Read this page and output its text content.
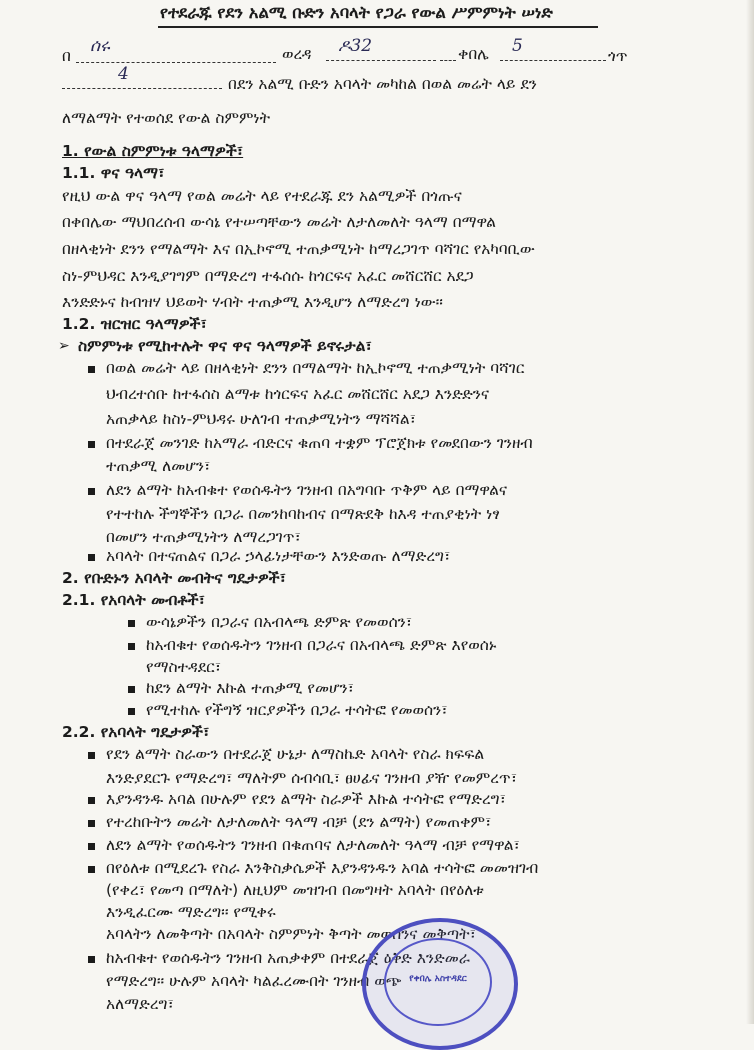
የተደራጁ የደን አልሚ ቡድን አባላት የጋራ የውል ሥምምነት ሠነድ
በ ሰሩ	ወረዳ ዶ32	ቀበሌ 5	ጎጥ
4	በደን አልሚ ቡድን አባላት መካከል በወል መሬት ላይ ደን
ለማልማት የተወሰደ የውል ስምምነት
1. የውል ስምምነቱ ዓላማዎች፣
1.1. ዋና ዓላማ፣
የዚህ ውል ዋና ዓላማ የወል መሬት ላይ የተደራጁ ደን አልሚዎች በጎጡና
በቀበሌው ማህበረሰብ ውሳኔ የተሠጣቸውን መሬት ለታለመለት ዓላማ በማዋል
በዘላቂነት ደንን የማልማት እና በኢኮኖሚ ተጠቃሚነት ከማረጋገጥ ባሻገር የአካባቢው
ስነ-ምህዳር እንዲያገግም በማድረግ ተፋሰሱ ከጎርፍና አፈር መሸርሸር አደጋ
እንድድኑና ከብዝሃ ህይወት ሃብት ተጠቃሚ እንዲሆን ለማድረግ ነው፡፡
1.2. ዝርዝር ዓላማዎች፣
➢ ስምምነቱ የሚከተሉት ዋና ዋና ዓላማዎች ይኖሩታል፣
በወል መሬት ላይ በዘላቂነት ደንን በማልማት ከኢኮኖሚ ተጠቃሚነት ባሻገር
ህብረተሰቡ ከተፋሰስ ልማቱ ከጎርፍና አፈር መሸርሸር አደጋ እንድድንና
አጠቃላይ ከስነ-ምህዳሩ ሁለገብ ተጠቃሚነትን ማሻሻል፣
በተደራጀ መንገድ ከአማራ ብድርና ቁጠባ ተቋም ፕሮጀክቱ የመደበውን ገንዘብ
ተጠቃሚ ለመሆን፣
ለደን ልማት ከአብቁተ የወሰዱትን ገንዘብ በአግባቡ ጥቅም ላይ በማዋልና
የተተከሉ ችግኞችን በጋራ በመንከባከብና በማጽደቅ ከእዳ ተጠያቂነት ነፃ
በመሆን ተጠቃሚነትን ለማረጋገጥ፣
አባላት በተናጠልና በጋራ ኃላፊነታቸውን እንድወጡ ለማድረግ፣
2. የቡድኑን አባላት መብትና ግዴታዎች፣
2.1. የአባላት መብቶች፣
ውሳኔዎችን በጋራና በአብላጫ ድምጽ የመወሰን፣
ከአብቁተ የወሰዱትን ገንዘብ በጋራና በአብላጫ ድምጽ እየወሰኑ
የማስተዳደር፣
ከደን ልማት እኩል ተጠቃሚ የመሆን፣
የሚተከሉ የችግኝ ዝርያዎችን በጋራ ተሳትፎ የመወሰን፣
2.2. የአባላት ግዴታዎች፣
የደን ልማት ስራውን በተደራጀ ሁኔታ ለማስኬድ አባላት የስራ ክፍፍል
እንድያደርጉ የማድረግ፣ ማለትም ሰብሳቢ፣ ፀሀፊና ገንዘብ ያዥ የመምረጥ፣
እያንዳንዱ አባል በሁሉም የደን ልማት ስራዎች እኩል ተሳትፎ የማድረግ፣
የተረከቡትን መሬት ለታለመለት ዓላማ ብቻ (ደን ልማት) የመጠቀም፣
ለደን ልማት የወሰዱትን ገንዘብ በቁጠባና ለታለመለት ዓላማ ብቻ የማዋል፣
በየዕለቱ በሚደረጉ የስራ እንቅስቃሴዎች እያንዳንዱን አባል ተሳትፎ መመዝገብ
(የቀረ፣ የመጣ በማለት) ለዚህም መዝገብ በመግዛት አባላት በየዕለቱ
እንዲፈርሙ ማድረግ፡፡ የሚቀሩ
አባላትን ለመቅጣት በአባላት ስምምነት ቅጣት መወሰንና መቅጣት፣
ከአብቁተ የወሰዱትን ገንዘብ አጠቃቀም በተደራጀ ዕቅድ እንድመራ
የማድረግ፡፡ ሁሉም አባላት ካልፈረሙበት ገንዘብ ወጭ
አለማድረግ፣
የቀበሌ አስተዳደር
